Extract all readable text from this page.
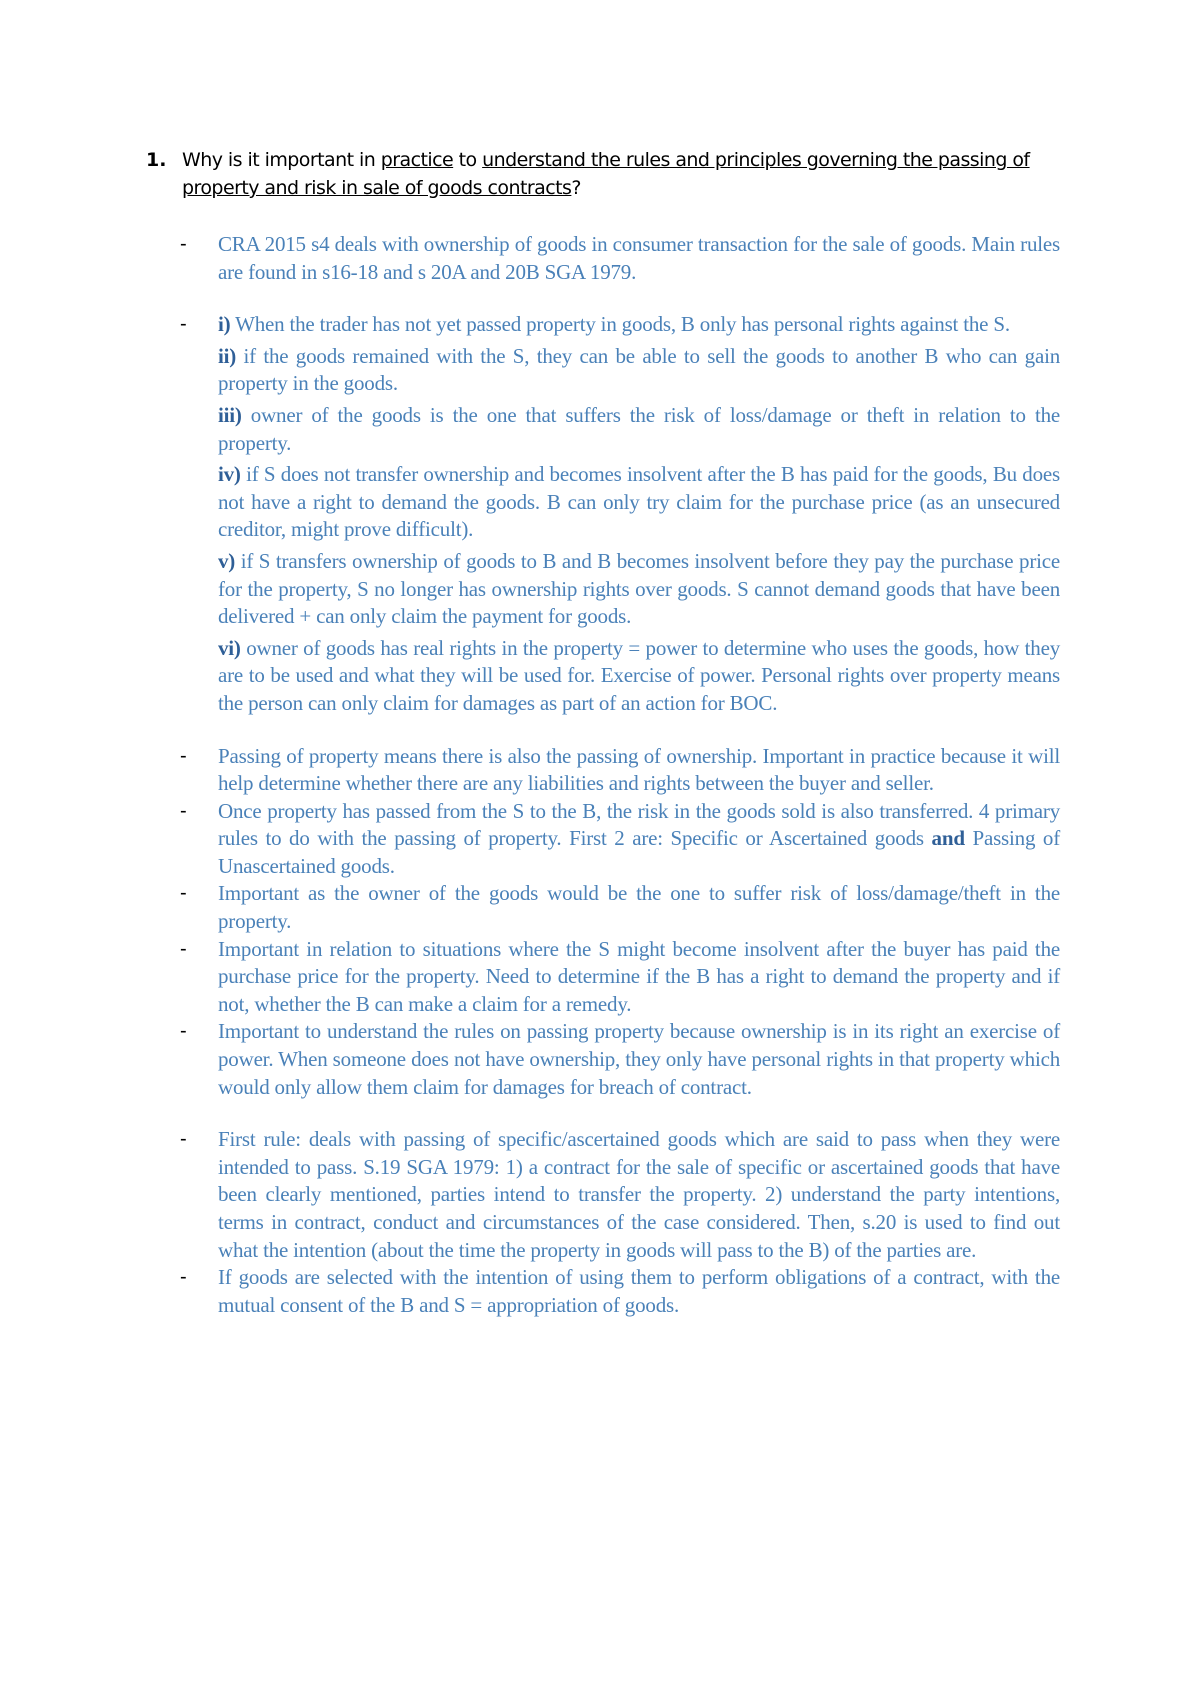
1. Why is it important in practice to understand the rules and principles governing the passing of property and risk in sale of goods contracts?
- CRA 2015 s4 deals with ownership of goods in consumer transaction for the sale of goods. Main rules are found in s16-18 and s 20A and 20B SGA 1979.
- i) When the trader has not yet passed property in goods, B only has personal rights against the S.
ii) if the goods remained with the S, they can be able to sell the goods to another B who can gain property in the goods.
iii) owner of the goods is the one that suffers the risk of loss/damage or theft in relation to the property.
iv) if S does not transfer ownership and becomes insolvent after the B has paid for the goods, Bu does not have a right to demand the goods. B can only try claim for the purchase price (as an unsecured creditor, might prove difficult).
v) if S transfers ownership of goods to B and B becomes insolvent before they pay the purchase price for the property, S no longer has ownership rights over goods. S cannot demand goods that have been delivered + can only claim the payment for goods.
vi) owner of goods has real rights in the property = power to determine who uses the goods, how they are to be used and what they will be used for. Exercise of power. Personal rights over property means the person can only claim for damages as part of an action for BOC.
- Passing of property means there is also the passing of ownership. Important in practice because it will help determine whether there are any liabilities and rights between the buyer and seller.
- Once property has passed from the S to the B, the risk in the goods sold is also transferred. 4 primary rules to do with the passing of property. First 2 are: Specific or Ascertained goods and Passing of Unascertained goods.
- Important as the owner of the goods would be the one to suffer risk of loss/damage/theft in the property.
- Important in relation to situations where the S might become insolvent after the buyer has paid the purchase price for the property. Need to determine if the B has a right to demand the property and if not, whether the B can make a claim for a remedy.
- Important to understand the rules on passing property because ownership is in its right an exercise of power. When someone does not have ownership, they only have personal rights in that property which would only allow them claim for damages for breach of contract.
- First rule: deals with passing of specific/ascertained goods which are said to pass when they were intended to pass. S.19 SGA 1979: 1) a contract for the sale of specific or ascertained goods that have been clearly mentioned, parties intend to transfer the property. 2) understand the party intentions, terms in contract, conduct and circumstances of the case considered. Then, s.20 is used to find out what the intention (about the time the property in goods will pass to the B) of the parties are.
- If goods are selected with the intention of using them to perform obligations of a contract, with the mutual consent of the B and S = appropriation of goods.
